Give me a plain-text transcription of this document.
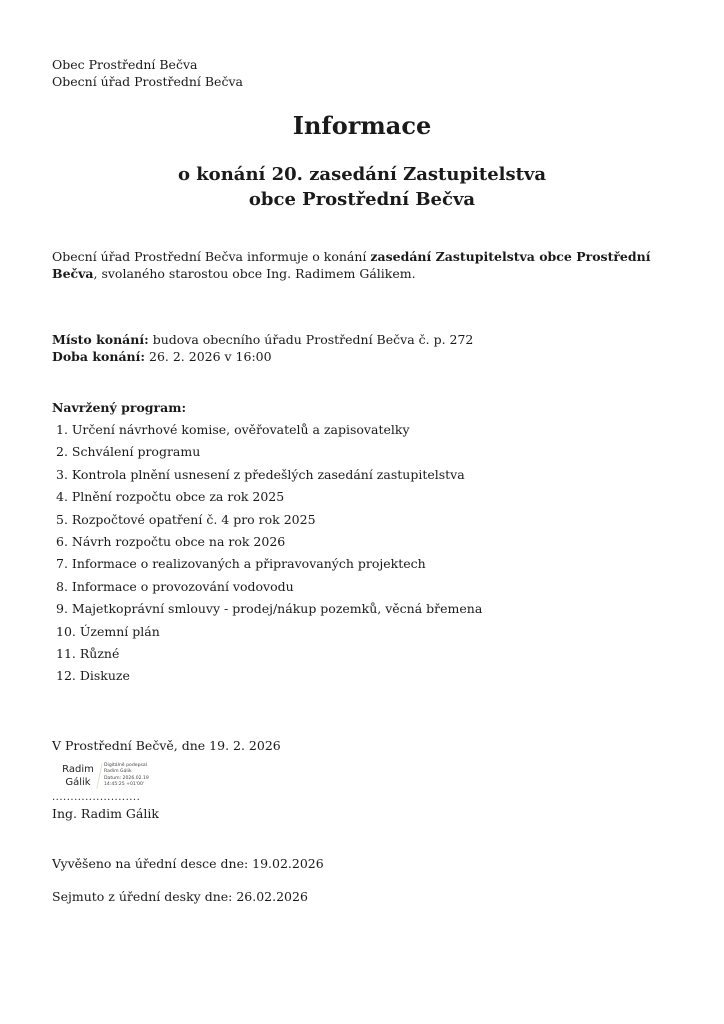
Obec Prostřední Bečva
Obecní úřad Prostřední Bečva
Informace
o konání 20. zasedání Zastupitelstva
obce Prostřední Bečva
Obecní úřad Prostřední Bečva informuje o konání zasedání Zastupitelstva obce Prostřední
Bečva, svolaného starostou obce Ing. Radimem Gálikem.
Místo konání: budova obecního úřadu Prostřední Bečva č. p. 272
Doba konání: 26. 2. 2026 v 16:00
Navržený program:
1. Určení návrhové komise, ověřovatelů a zapisovatelky
2. Schválení programu
3. Kontrola plnění usnesení z předešlých zasedání zastupitelstva
4. Plnění rozpočtu obce za rok 2025
5. Rozpočtové opatření č. 4 pro rok 2025
6. Návrh rozpočtu obce na rok 2026
7. Informace o realizovaných a připravovaných projektech
8. Informace o provozování vodovodu
9. Majetkoprávní smlouvy - prodej/nákup pozemků, věcná břemena
10. Územní plán
11. Různé
12. Diskuze
V Prostřední Bečvě, dne 19. 2. 2026
Radim
Gálik
Digitálně podepsal
Radim Gálik
Datum: 2026.02.19
14:45:25 +01'00'
........................
Ing. Radim Gálik
Vyvěšeno na úřední desce dne: 19.02.2026
Sejmuto z úřední desky dne: 26.02.2026
